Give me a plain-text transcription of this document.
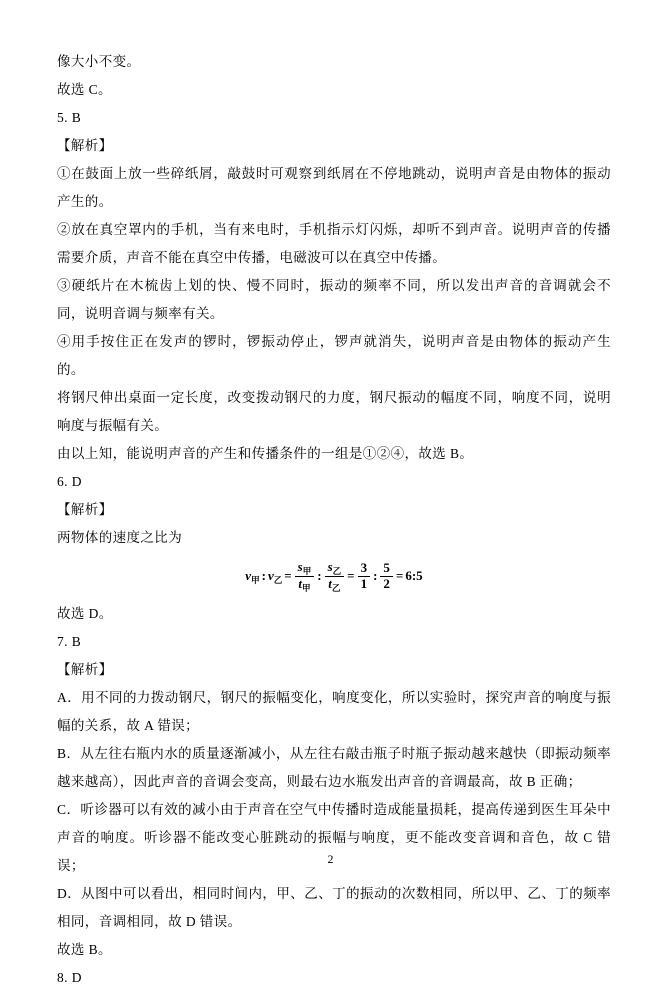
像大小不变。

故选 C。

5. B

【解析】

①在鼓面上放一些碎纸屑，敲鼓时可观察到纸屑在不停地跳动，说明声音是由物体的振动产生的。

②放在真空罩内的手机，当有来电时，手机指示灯闪烁，却听不到声音。说明声音的传播需要介质，声音不能在真空中传播，电磁波可以在真空中传播。

③硬纸片在木梳齿上划的快、慢不同时，振动的频率不同，所以发出声音的音调就会不同，说明音调与频率有关。

④用手按住正在发声的锣时，锣振动停止，锣声就消失，说明声音是由物体的振动产生的。

将钢尺伸出桌面一定长度，改变拨动钢尺的力度，钢尺振动的幅度不同，响度不同，说明响度与振幅有关。

由以上知，能说明声音的产生和传播条件的一组是①②④，故选 B。

6. D

【解析】

两物体的速度之比为

$v_甲$ : $v_乙 = \frac{s_甲}{t_甲}$ : $\frac{s_乙}{t_乙} = \frac{3}{1}$ : $\frac{5}{2}$ = 6:5

故选 D。

7. B

【解析】

A．用不同的力拨动钢尺，钢尺的振幅变化，响度变化，所以实验时，探究声音的响度与振幅的关系，故 A 错误；

B．从左往右瓶内水的质量逐渐减小，从左往右敲击瓶子时瓶子振动越来越快（即振动频率越来越高），因此声音的音调会变高，则最右边水瓶发出声音的音调最高，故 B 正确；

C．听诊器可以有效的减小由于声音在空气中传播时造成能量损耗，提高传递到医生耳朵中声音的响度。听诊器不能改变心脏跳动的振幅与响度，更不能改变音调和音色，故 C 错误；

D．从图中可以看出，相同时间内，甲、乙、丁的振动的次数相同，所以甲、乙、丁的频率相同，音调相同，故 D 错误。

故选 B。

8. D

2
